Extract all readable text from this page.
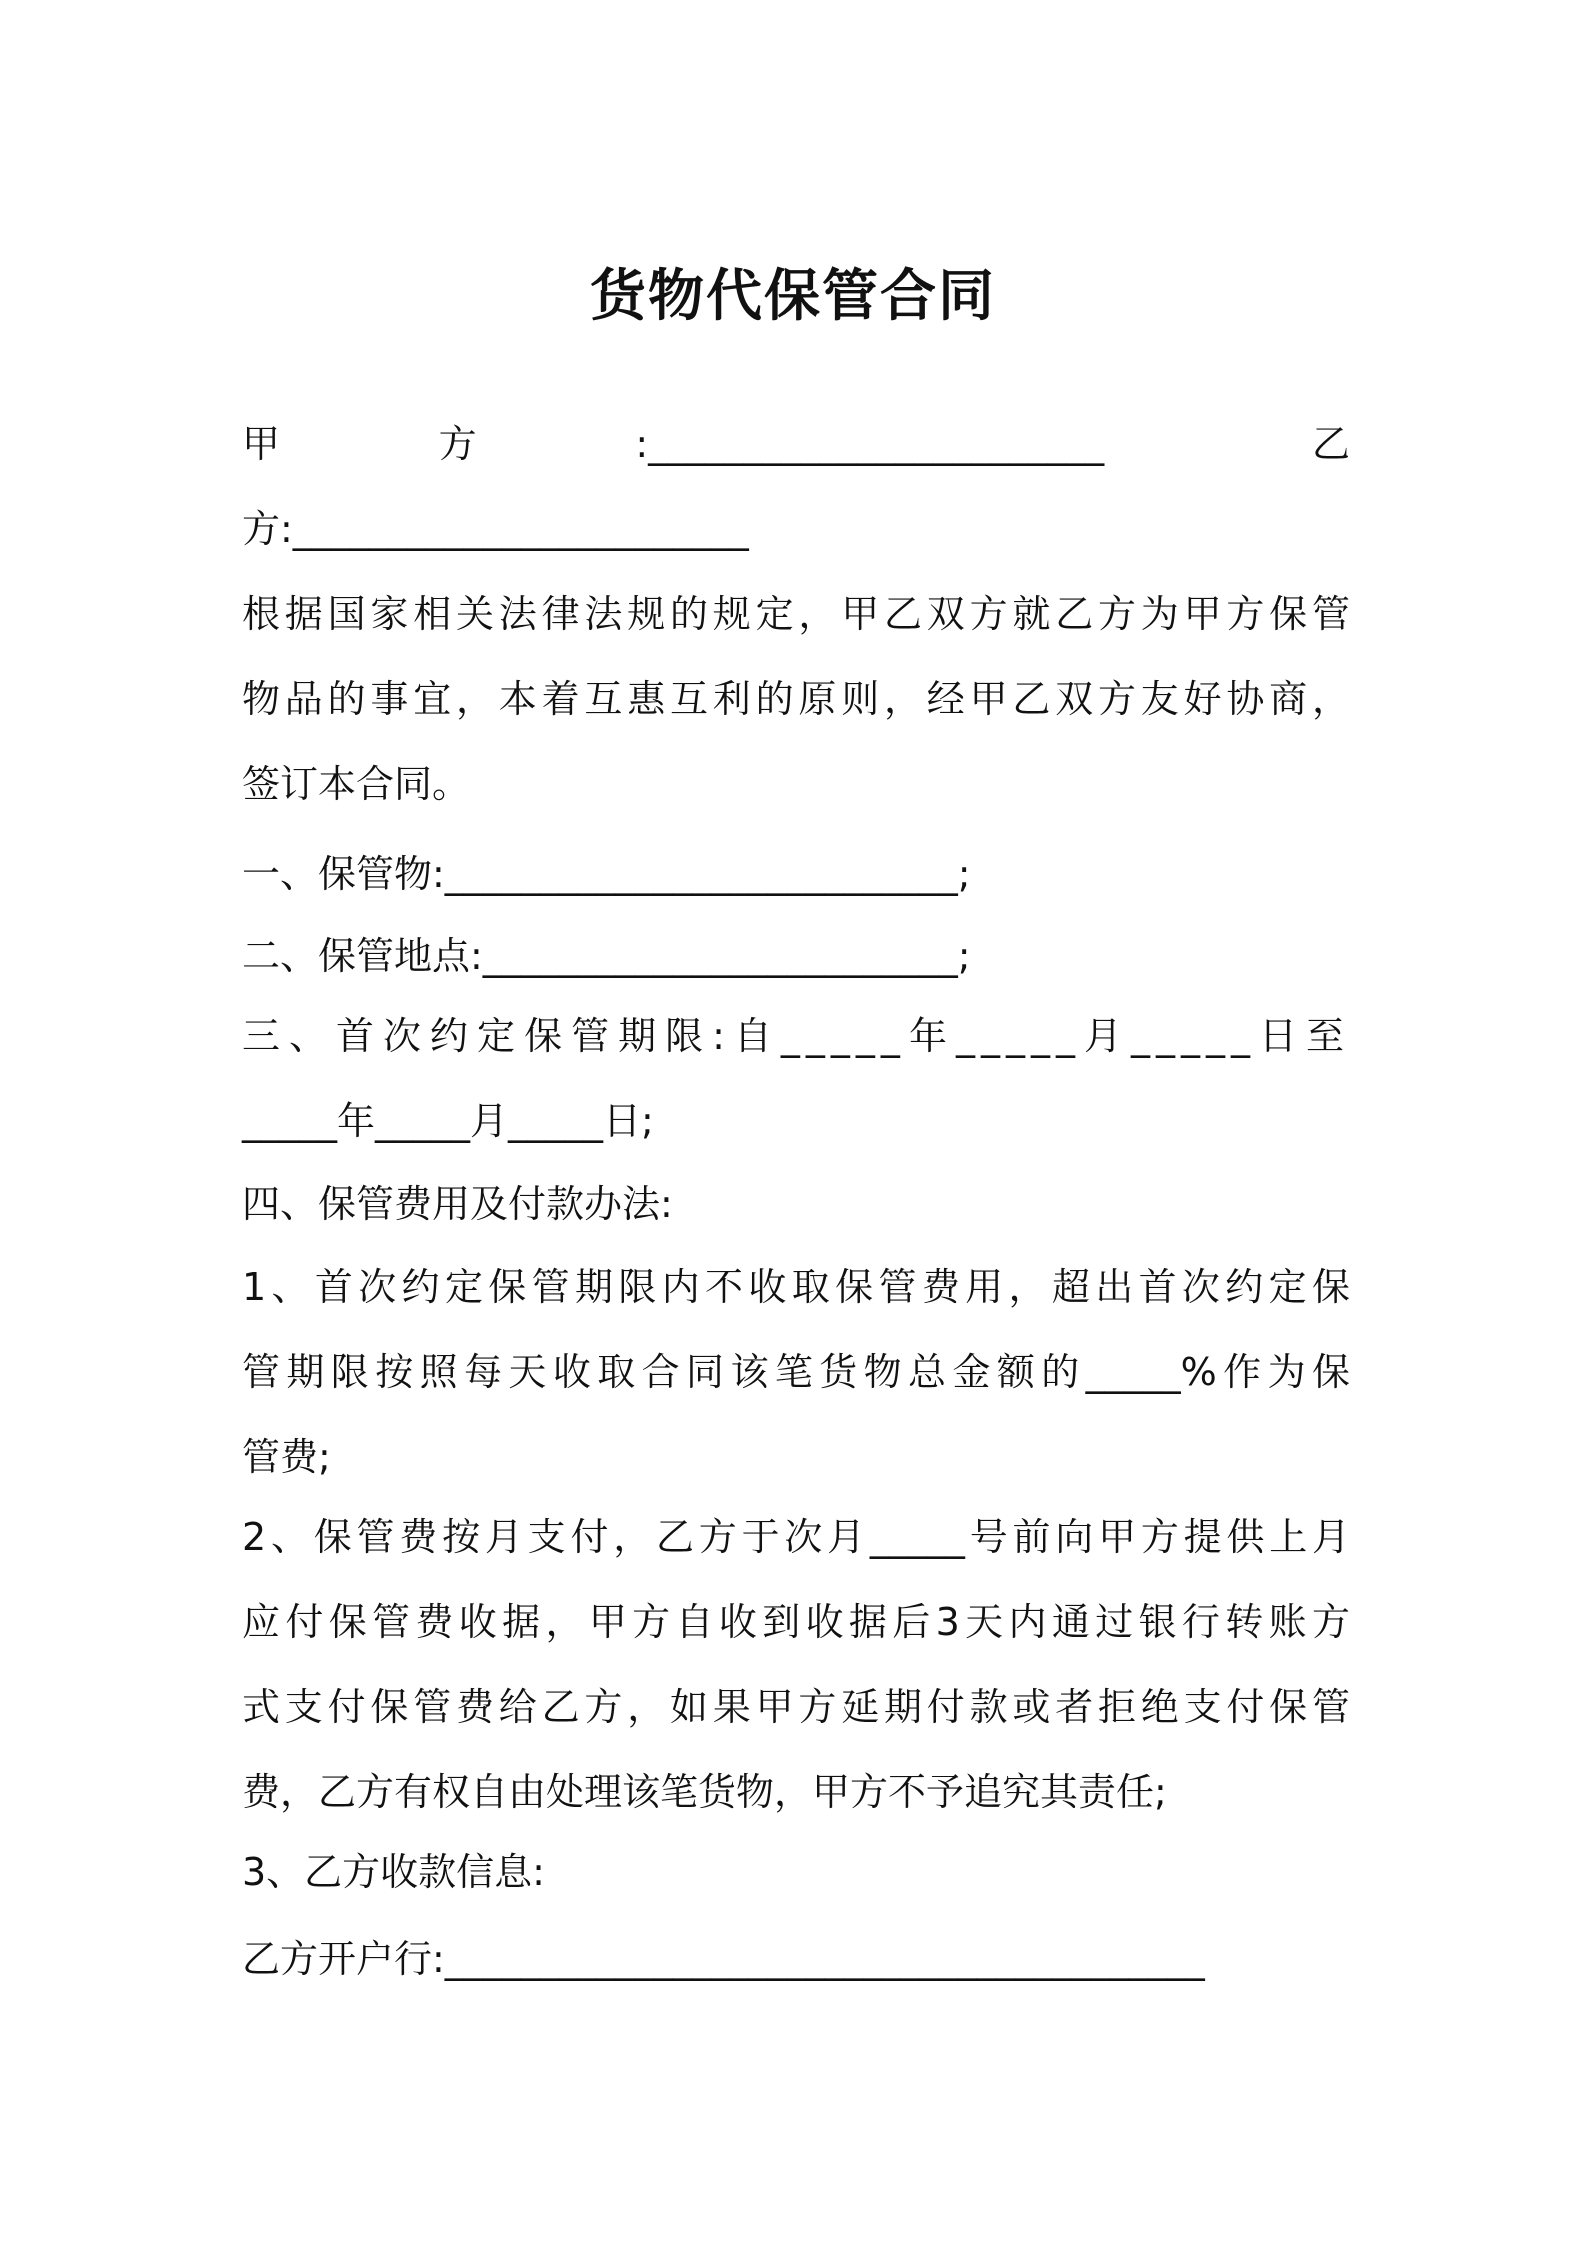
货物代保管合同

甲　　　方　　　:________________________　　　　乙

方:________________________

根据国家相关法律法规的规定，甲乙双方就乙方为甲方保管

物品的事宜，本着互惠互利的原则，经甲乙双方友好协商，

签订本合同。

一、保管物:___________________________;

二、保管地点:_________________________;

三、首次约定保管期限:自_____年_____月_____日至

_____年_____月_____日;

四、保管费用及付款办法:

1、首次约定保管期限内不收取保管费用，超出首次约定保

管期限按照每天收取合同该笔货物总金额的_____%作为保

管费;

2、保管费按月支付，乙方于次月_____号前向甲方提供上月

应付保管费收据，甲方自收到收据后3天内通过银行转账方

式支付保管费给乙方，如果甲方延期付款或者拒绝支付保管

费，乙方有权自由处理该笔货物，甲方不予追究其责任;

3、乙方收款信息:

乙方开户行:________________________________________
